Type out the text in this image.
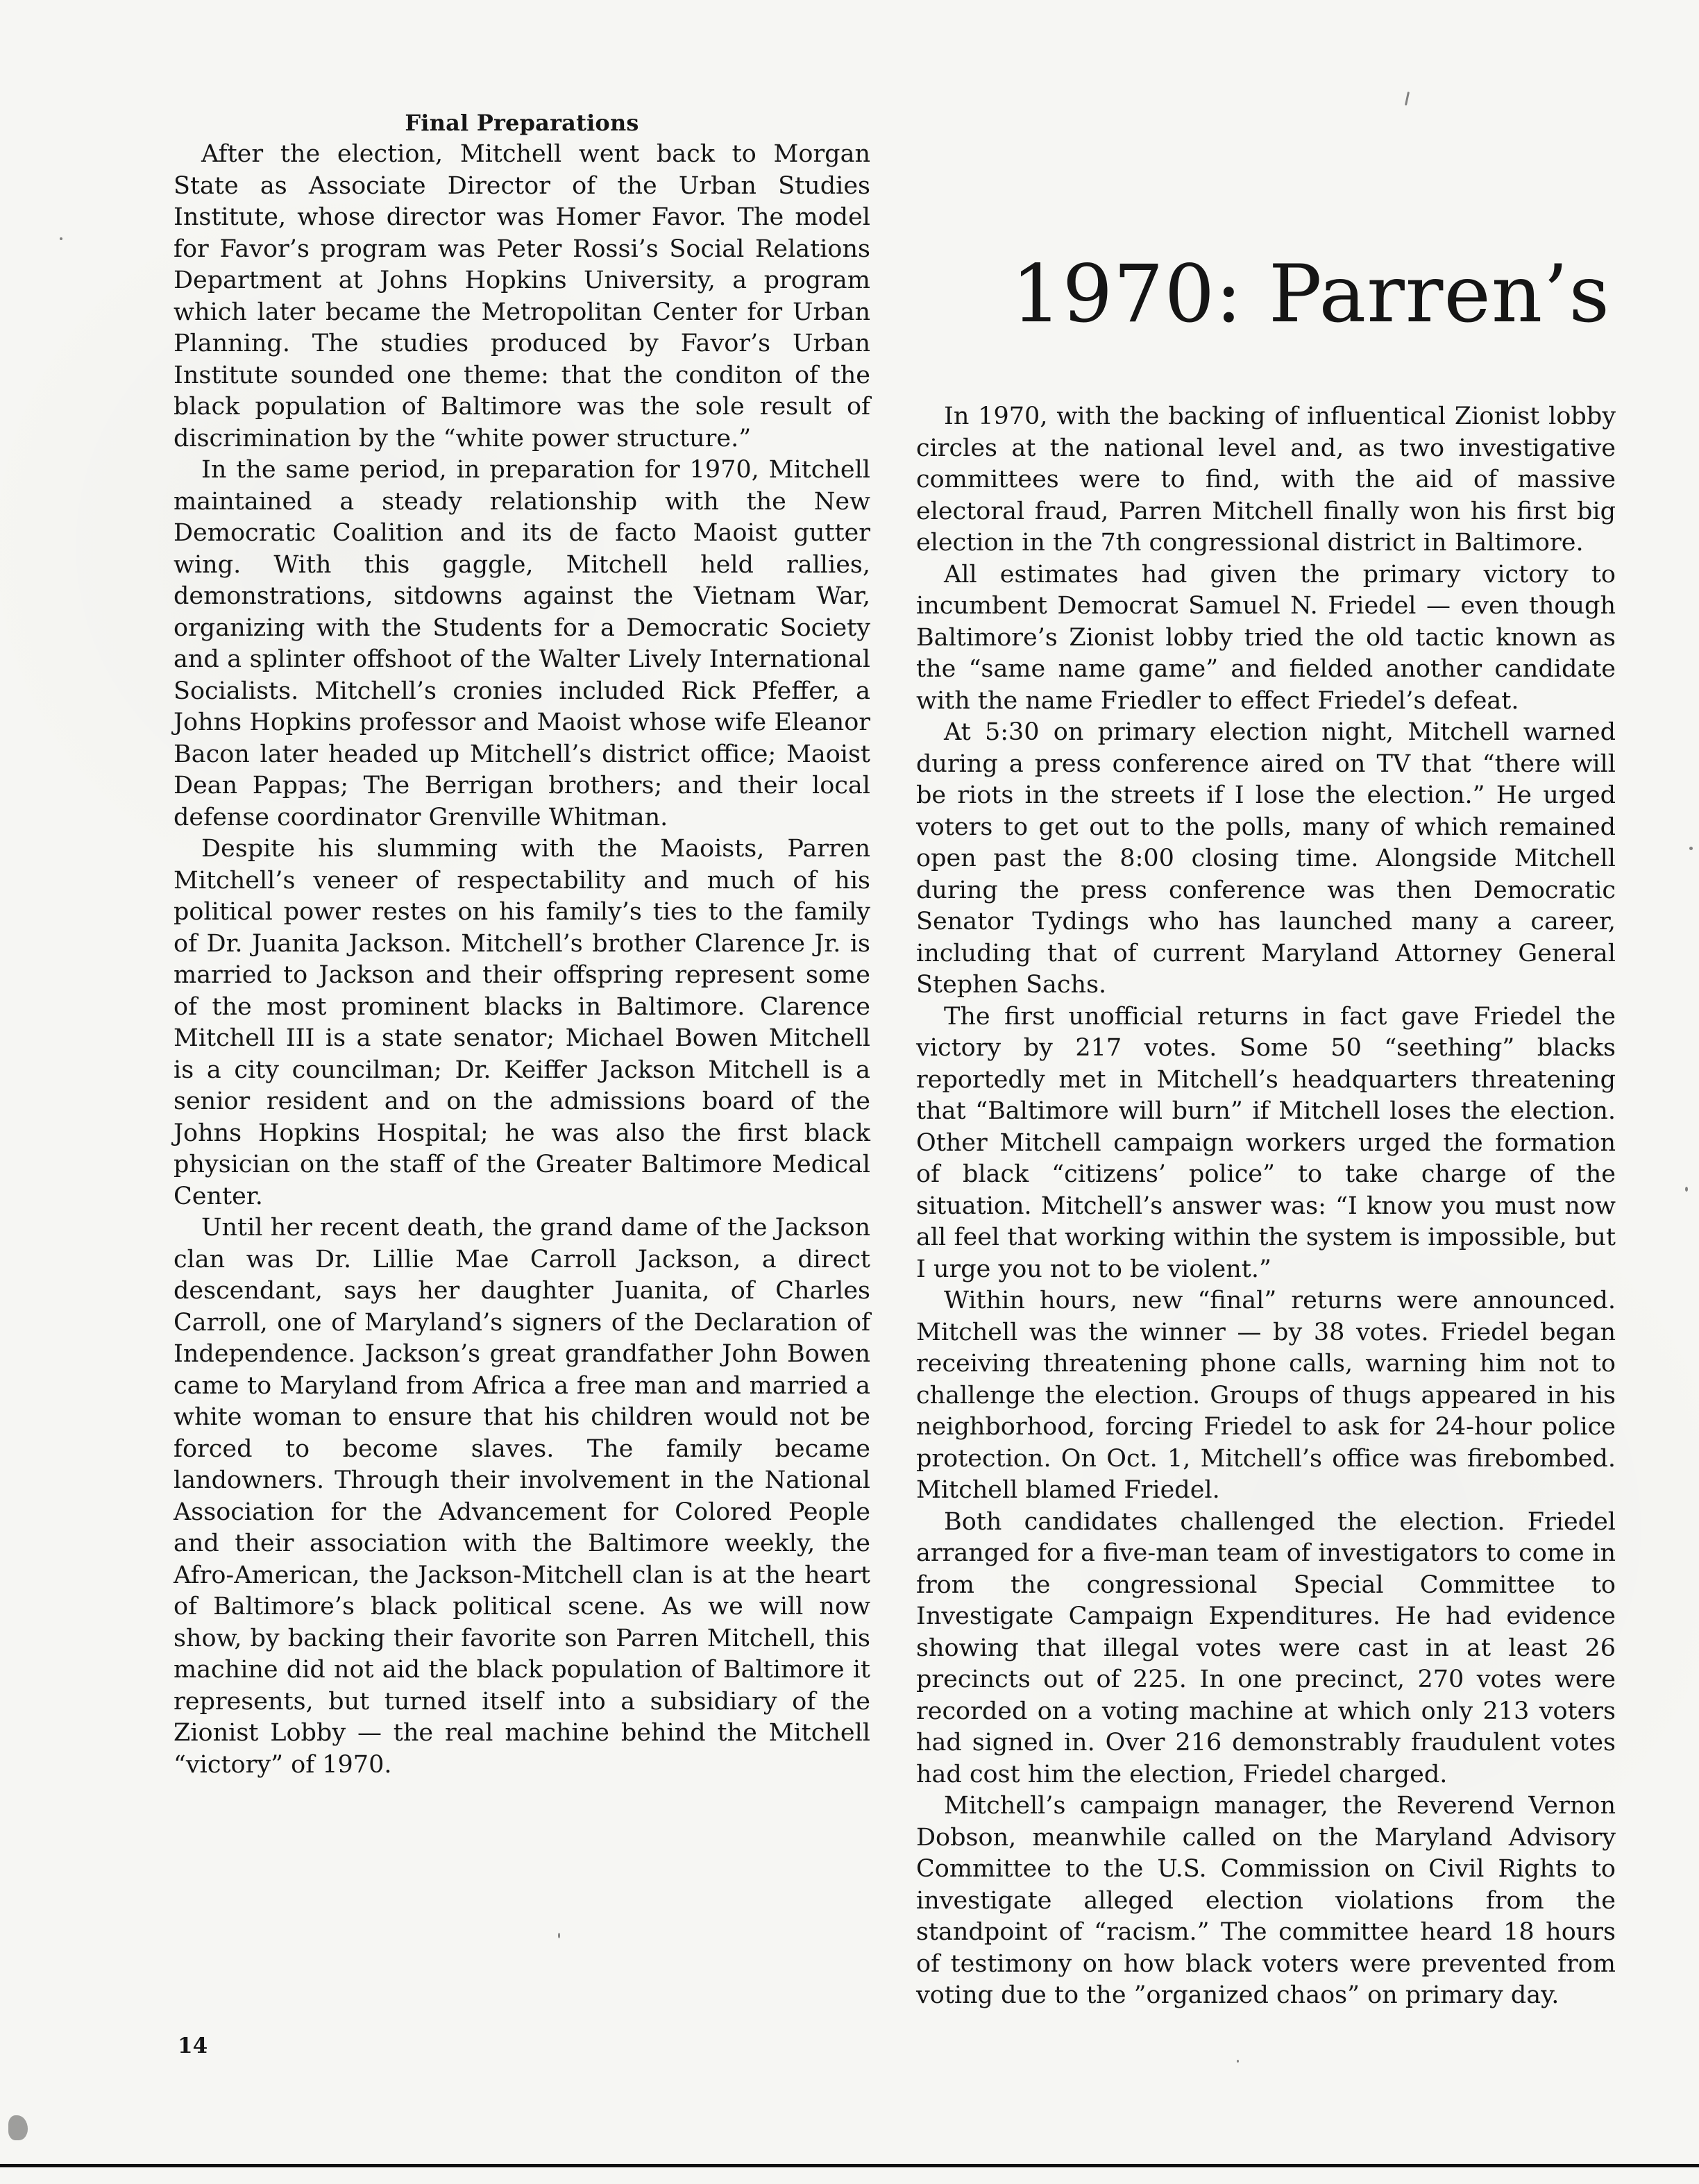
Final Preparations

After the election, Mitchell went back to Morgan State as Associate Director of the Urban Studies Institute, whose director was Homer Favor. The model for Favor’s program was Peter Rossi’s Social Relations Department at Johns Hopkins University, a program which later became the Metropolitan Center for Urban Planning. The studies produced by Favor’s Urban Institute sounded one theme: that the conditon of the black population of Baltimore was the sole result of discrimination by the “white power structure.”

In the same period, in preparation for 1970, Mitchell maintained a steady relationship with the New Democratic Coalition and its de facto Maoist gutter wing. With this gaggle, Mitchell held rallies, demonstrations, sitdowns against the Vietnam War, organizing with the Students for a Democratic Society and a splinter offshoot of the Walter Lively International Socialists. Mitchell’s cronies included Rick Pfeffer, a Johns Hopkins professor and Maoist whose wife Eleanor Bacon later headed up Mitchell’s district office; Maoist Dean Pappas; The Berrigan brothers; and their local defense coordinator Grenville Whitman.

Despite his slumming with the Maoists, Parren Mitchell’s veneer of respectability and much of his political power restes on his family’s ties to the family of Dr. Juanita Jackson. Mitchell’s brother Clarence Jr. is married to Jackson and their offspring represent some of the most prominent blacks in Baltimore. Clarence Mitchell III is a state senator; Michael Bowen Mitchell is a city councilman; Dr. Keiffer Jackson Mitchell is a senior resident and on the admissions board of the Johns Hopkins Hospital; he was also the first black physician on the staff of the Greater Baltimore Medical Center.

Until her recent death, the grand dame of the Jackson clan was Dr. Lillie Mae Carroll Jackson, a direct descendant, says her daughter Juanita, of Charles Carroll, one of Maryland’s signers of the Declaration of Independence. Jackson’s great grandfather John Bowen came to Maryland from Africa a free man and married a white woman to ensure that his children would not be forced to become slaves. The family became landowners. Through their involvement in the National Association for the Advancement for Colored People and their association with the Baltimore weekly, the Afro-American, the Jackson-Mitchell clan is at the heart of Baltimore’s black political scene. As we will now show, by backing their favorite son Parren Mitchell, this machine did not aid the black population of Baltimore it represents, but turned itself into a subsidiary of the Zionist Lobby — the real machine behind the Mitchell “victory” of 1970.

1970: Parren’s

In 1970, with the backing of influentical Zionist lobby circles at the national level and, as two investigative committees were to find, with the aid of massive electoral fraud, Parren Mitchell finally won his first big election in the 7th congressional district in Baltimore.

All estimates had given the primary victory to incumbent Democrat Samuel N. Friedel — even though Baltimore’s Zionist lobby tried the old tactic known as the “same name game” and fielded another candidate with the name Friedler to effect Friedel’s defeat.

At 5:30 on primary election night, Mitchell warned during a press conference aired on TV that “there will be riots in the streets if I lose the election.” He urged voters to get out to the polls, many of which remained open past the 8:00 closing time. Alongside Mitchell during the press conference was then Democratic Senator Tydings who has launched many a career, including that of current Maryland Attorney General Stephen Sachs.

The first unofficial returns in fact gave Friedel the victory by 217 votes. Some 50 “seething” blacks reportedly met in Mitchell’s headquarters threatening that “Baltimore will burn” if Mitchell loses the election. Other Mitchell campaign workers urged the formation of black “citizens’ police” to take charge of the situation. Mitchell’s answer was: “I know you must now all feel that working within the system is impossible, but I urge you not to be violent.”

Within hours, new “final” returns were announced. Mitchell was the winner — by 38 votes. Friedel began receiving threatening phone calls, warning him not to challenge the election. Groups of thugs appeared in his neighborhood, forcing Friedel to ask for 24-hour police protection. On Oct. 1, Mitchell’s office was firebombed. Mitchell blamed Friedel.

Both candidates challenged the election. Friedel arranged for a five-man team of investigators to come in from the congressional Special Committee to Investigate Campaign Expenditures. He had evidence showing that illegal votes were cast in at least 26 precincts out of 225. In one precinct, 270 votes were recorded on a voting machine at which only 213 voters had signed in. Over 216 demonstrably fraudulent votes had cost him the election, Friedel charged.

Mitchell’s campaign manager, the Reverend Vernon Dobson, meanwhile called on the Maryland Advisory Committee to the U.S. Commission on Civil Rights to investigate alleged election violations from the standpoint of “racism.” The committee heard 18 hours of testimony on how black voters were prevented from voting due to the ”organized chaos” on primary day.

14
